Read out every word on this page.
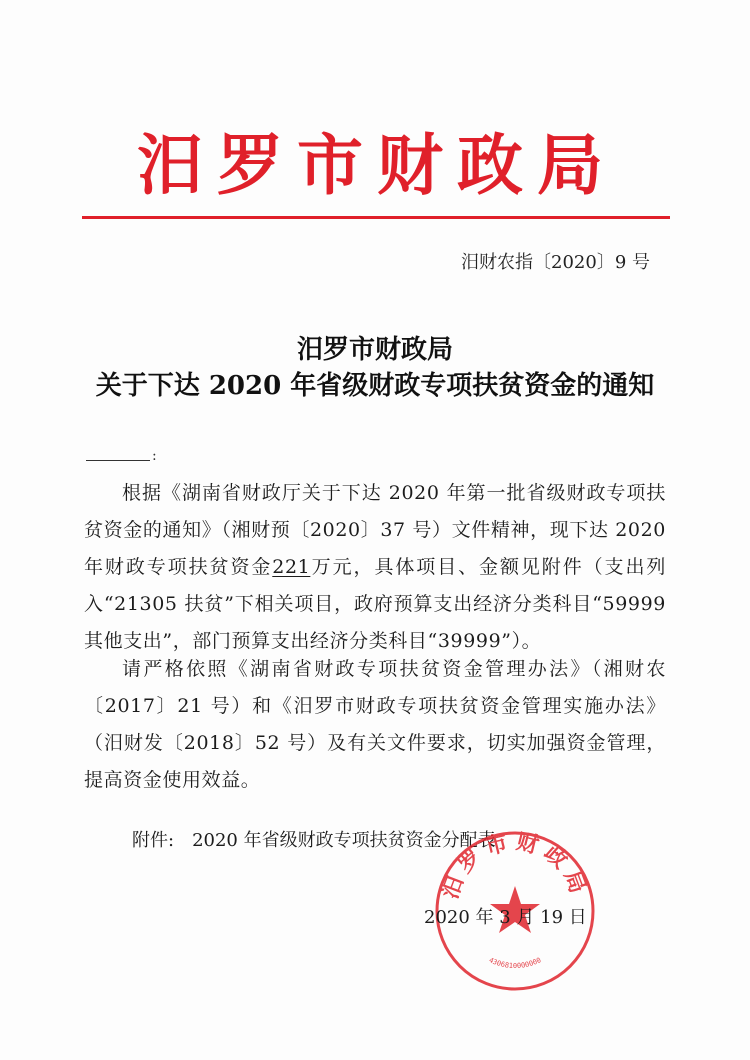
汨罗市财政局
汨财农指〔2020〕9 号
汨罗市财政局
关于下达 2020 年省级财政专项扶贫资金的通知
:
根据《湖南省财政厅关于下达 2020 年第一批省级财政专项扶贫资金的通知》（湘财预〔2020〕37 号）文件精神，现下达 2020 年财政专项扶贫资金221万元，具体项目、金额见附件（支出列入“21305 扶贫”下相关项目，政府预算支出经济分类科目“59999 其他支出”，部门预算支出经济分类科目“39999”）。
请严格依照《湖南省财政专项扶贫资金管理办法》（湘财农〔2017〕21 号）和《汨罗市财政专项扶贫资金管理实施办法》（汨财发〔2018〕52 号）及有关文件要求，切实加强资金管理，提高资金使用效益。
附件: 2020 年省级财政专项扶贫资金分配表
汨罗市财政局
4306810000000
2020 年 3 月 19 日
